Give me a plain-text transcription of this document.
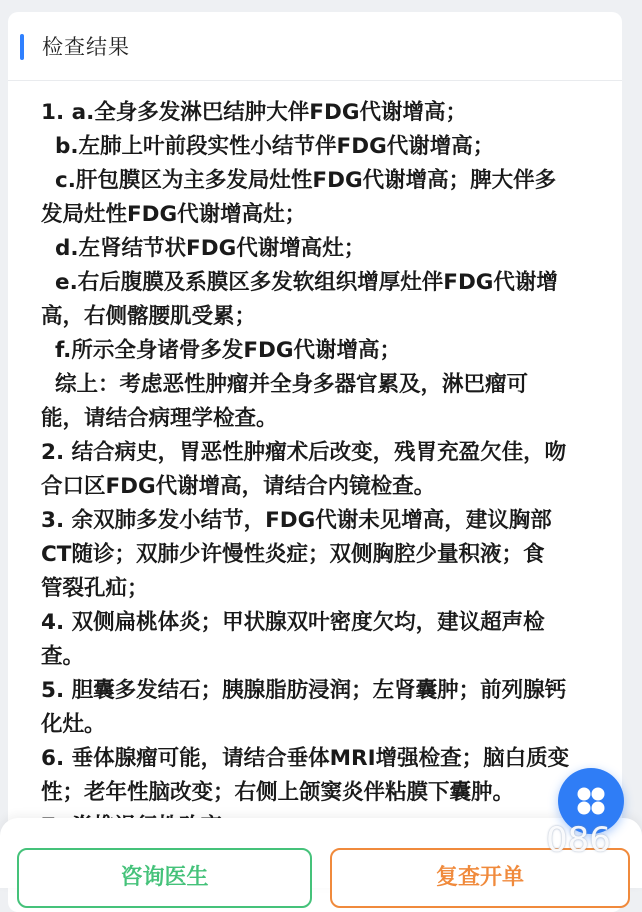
检查结果
1. a.全身多发淋巴结肿大伴FDG代谢增高；
b.左肺上叶前段实性小结节伴FDG代谢增高；
c.肝包膜区为主多发局灶性FDG代谢增高；脾大伴多
发局灶性FDG代谢增高灶；
d.左肾结节状FDG代谢增高灶；
e.右后腹膜及系膜区多发软组织增厚灶伴FDG代谢增
高，右侧髂腰肌受累；
f.所示全身诸骨多发FDG代谢增高；
综上：考虑恶性肿瘤并全身多器官累及，淋巴瘤可
能，请结合病理学检查。
2. 结合病史，胃恶性肿瘤术后改变，残胃充盈欠佳，吻
合口区FDG代谢增高，请结合内镜检查。
3. 余双肺多发小结节，FDG代谢未见增高，建议胸部
CT随诊；双肺少许慢性炎症；双侧胸腔少量积液；食
管裂孔疝；
4. 双侧扁桃体炎；甲状腺双叶密度欠均，建议超声检
查。
5. 胆囊多发结石；胰腺脂肪浸润；左肾囊肿；前列腺钙
化灶。
6. 垂体腺瘤可能，请结合垂体MRI增强检查；脑白质变
性；老年性脑改变；右侧上颌窦炎伴粘膜下囊肿。
咨询医生	复查开单
086
